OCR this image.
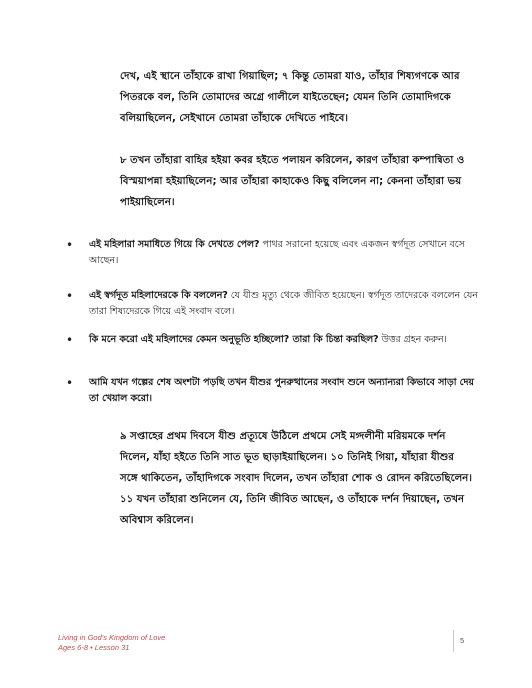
দেখ, এই স্থানে তাঁহাকে রাখা গিয়াছিল; ৭ কিন্তু তোমরা যাও, তাঁহার শিষ্যগণকে আর পিতরকে বল, তিনি তোমাদের অগ্রে গালীলে যাইতেছেন; যেমন তিনি তোমাদিগকে বলিয়াছিলেন, সেইখানে তোমরা তাঁহাকে দেখিতে পাইবে।

৮ তখন তাঁহারা বাহির হইয়া কবর হইতে পলায়ন করিলেন, কারণ তাঁহারা কম্পান্বিতা ও বিস্ময়াপন্না হইয়াছিলেন; আর তাঁহারা কাহাকেও কিছু বলিলেন না; কেননা তাঁহারা ভয় পাইয়াছিলেন।

•	এই মহিলারা সমাধিতে গিয়ে কি দেখতে পেল? পাথর সরানো হয়েছে এবং একজন স্বর্গদূত সেখানে বসে আছেন।
•	এই স্বর্গদূত মহিলাদেরকে কি বললেন? যে যীশু মৃত্যু থেকে জীবিত হয়েছেন। স্বর্গদূত তাদেরকে বললেন যেন তারা শিষ্যদেরকে গিয়ে এই সংবাদ বলে।
•	কি মনে করো এই মহিলাদের কেমন অনুভূতি হচ্ছিলো? তারা কি চিন্তা করছিল? উত্তর গ্রহন করুন।
•	আমি যখন গল্পের শেষ অংশটা পড়ছি তখন যীশুর পুনরুত্থানের সংবাদ শুনে অন্যান্যরা কিভাবে সাড়া দেয় তা খেয়াল করো।

৯ সপ্তাহের প্রথম দিবসে যীশু প্রত্যূষে উঠিলে প্রথমে সেই মগ্দলীনী মরিয়মকে দর্শন দিলেন, যাঁহা হইতে তিনি সাত ভূত ছাড়াইয়াছিলেন। ১০ তিনিই গিয়া, যাঁহারা যীশুর সঙ্গে থাকিতেন, তাঁহাদিগকে সংবাদ দিলেন, তখন তাঁহারা শোক ও রোদন করিতেছিলেন। ১১ যখন তাঁহারা শুনিলেন যে, তিনি জীবিত আছেন, ও তাঁহাকে দর্শন দিয়াছেন, তখন অবিশ্বাস করিলেন।

Living in God's Kingdom of Love
Ages 6-8 • Lesson 31
5
